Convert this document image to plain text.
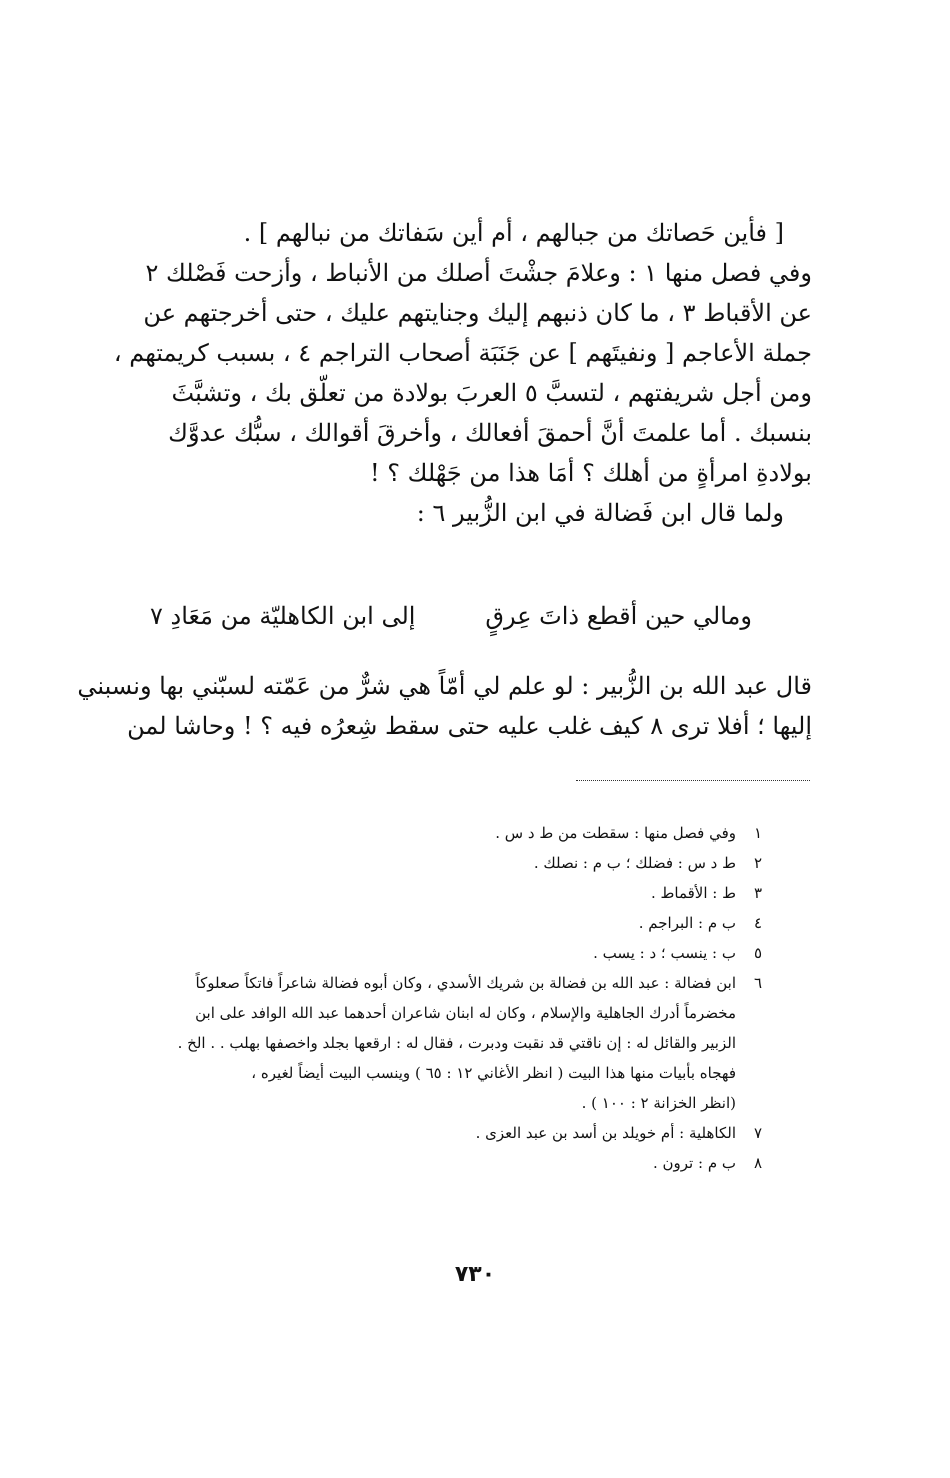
[ فأين حَصاتك من جبالهم ، أم أين سَفاتك من نبالهم ] .
وفي فصل منها ١ : وعلامَ جشْتَ أصلك من الأنباط ، وأزحت فَصْلك ٢
عن الأقباط ٣ ، ما كان ذنبهم إليك وجنايتهم عليك ، حتى أخرجتهم عن
جملة الأعاجم [ ونفيتَهم ] عن جَنَبَة أصحاب التراجم ٤ ، بسبب كريمتهم ،
ومن أجل شريفتهم ، لتسبَّ ٥ العربَ بولادة من تعلّق بك ، وتشبَّثَ
بنسبك . أما علمتَ أنَّ أحمقَ أفعالك ، وأخرقَ أقوالك ، سبُّك عدوَّك
بولادةِ امرأةٍ من أهلك ؟ أمَا هذا من جَهْلك ؟ !
ولما قال ابن فَضالة في ابن الزُّبير ٦ :
ومالي حين أقطع ذاتَ عِرقٍ
إلى ابن الكاهليّة من مَعَادِ ٧
قال عبد الله بن الزُّبير : لو علم لي أمّاً هي شرٌّ من عَمّته لسبّني بها ونسبني
إليها ؛ أفلا ترى ٨ كيف غلب عليه حتى سقط شِعرُه فيه ؟ ! وحاشا لمن
١وفي فصل منها : سقطت من ط د س .
٢ط د س : فضلك ؛ ب م : نصلك .
٣ط : الأقماط .
٤ب م : البراجم .
٥ب : ينسب ؛ د : يسب .
٦ابن فضالة : عبد الله بن فضالة بن شريك الأسدي ، وكان أبوه فضالة شاعراً فاتكاً صعلوكاً
مخضرماً أدرك الجاهلية والإسلام ، وكان له ابنان شاعران أحدهما عبد الله الوافد على ابن
الزبير والقائل له : إن ناقتي قد نقبت ودبرت ، فقال له : ارقعها بجلد واخصفها بهلب . . الخ .
فهجاه بأبيات منها هذا البيت ( انظر الأغاني ١٢ : ٦٥ ) وينسب البيت أيضاً لغيره ،
(انظر الخزانة ٢ : ١٠٠ ) .
٧الكاهلية : أم خويلد بن أسد بن عبد العزى .
٨ب م : ترون .
٧٣٠
